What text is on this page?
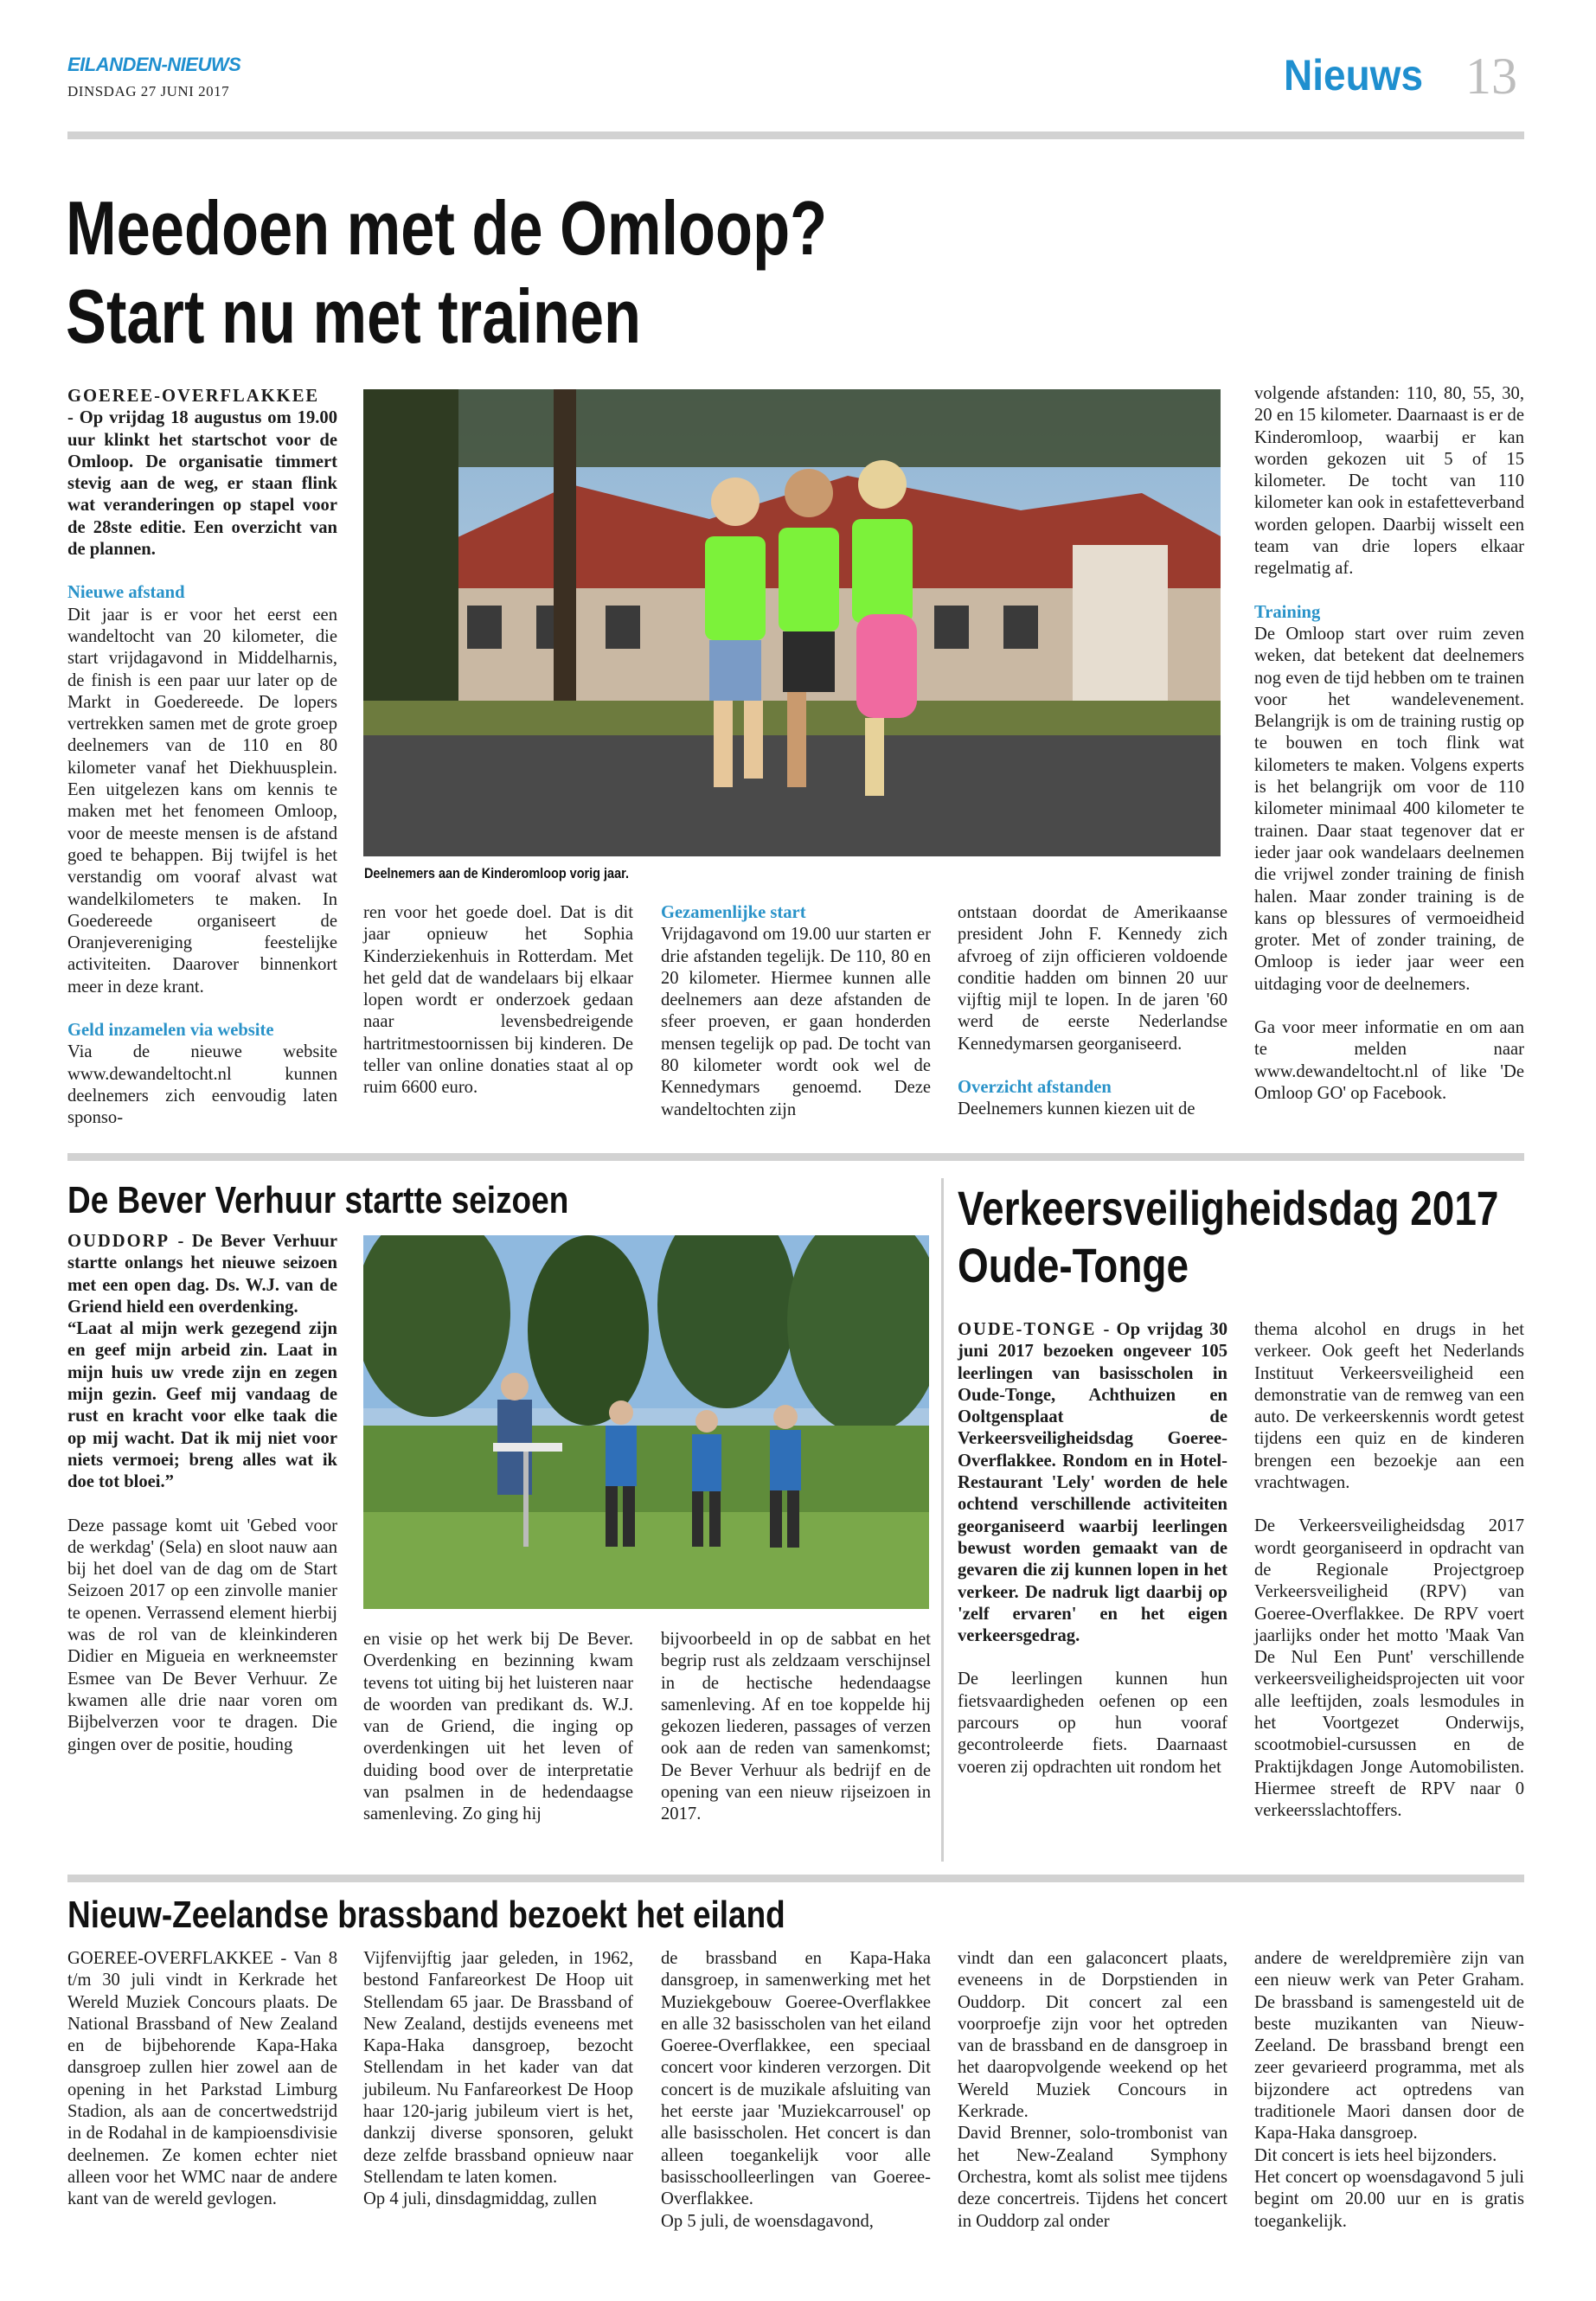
EILANDEN-NIEUWS
DINSDAG 27 JUNI 2017	Nieuws 13
Meedoen met de Omloop?
Start nu met trainen

GOEREE-OVERFLAKKEE

- Op vrijdag 18 augustus om 19.00 uur klinkt het startschot voor de Omloop. De organisatie timmert stevig aan de weg, er staan flink wat veranderingen op stapel voor de 28ste editie. Een overzicht van de plannen.

Nieuwe afstand

Dit jaar is er voor het eerst een wandeltocht van 20 kilometer, die start vrijdagavond in Middelharnis, de finish is een paar uur later op de Markt in Goedereede. De lopers vertrekken samen met de grote groep deelnemers van de 110 en 80 kilometer vanaf het Diekhuusplein. Een uitgelezen kans om kennis te maken met het fenomeen Omloop, voor de meeste mensen is de afstand goed te behappen. Bij twijfel is het verstandig om vooraf alvast wat wandelkilometers te maken. In Goedereede organiseert de Oranjevereniging feestelijke activiteiten. Daarover binnenkort meer in deze krant.

Geld inzamelen via website

Via de nieuwe website www.dewandeltocht.nl kunnen deelnemers zich eenvoudig laten sponso-

Deelnemers aan de Kinderomloop vorig jaar.

ren voor het goede doel. Dat is dit jaar opnieuw het Sophia Kinderziekenhuis in Rotterdam. Met het geld dat de wandelaars bij elkaar lopen wordt er onderzoek gedaan naar levensbedreigende hartritmestoornissen bij kinderen. De teller van online donaties staat al op ruim 6600 euro.

Gezamenlijke start

Vrijdagavond om 19.00 uur starten er drie afstanden tegelijk. De 110, 80 en 20 kilometer. Hiermee kunnen alle deelnemers aan deze afstanden de sfeer proeven, er gaan honderden mensen tegelijk op pad. De tocht van 80 kilometer wordt ook wel de Kennedymars genoemd. Deze wandeltochten zijn

ontstaan doordat de Amerikaanse president John F. Kennedy zich afvroeg of zijn officieren voldoende conditie hadden om binnen 20 uur vijftig mijl te lopen. In de jaren '60 werd de eerste Nederlandse Kennedymarsen georganiseerd.

Overzicht afstanden

Deelnemers kunnen kiezen uit de

volgende afstanden: 110, 80, 55, 30, 20 en 15 kilometer. Daarnaast is er de Kinderomloop, waarbij er kan worden gekozen uit 5 of 15 kilometer. De tocht van 110 kilometer kan ook in estafetteverband worden gelopen. Daarbij wisselt een team van drie lopers elkaar regelmatig af.

Training

De Omloop start over ruim zeven weken, dat betekent dat deelnemers nog even de tijd hebben om te trainen voor het wandelevenement. Belangrijk is om de training rustig op te bouwen en toch flink wat kilometers te maken. Volgens experts is het belangrijk om voor de 110 kilometer minimaal 400 kilometer te trainen. Daar staat tegenover dat er ieder jaar ook wandelaars deelnemen die vrijwel zonder training de finish halen. Maar zonder training is de kans op blessures of vermoeidheid groter. Met of zonder training, de Omloop is ieder jaar weer een uitdaging voor de deelnemers.

Ga voor meer informatie en om aan te melden naar www.dewandeltocht.nl of like 'De Omloop GO' op Facebook.

De Bever Verhuur startte seizoen

OUDDORP - De Bever Verhuur startte onlangs het nieuwe seizoen met een open dag. Ds. W.J. van de Griend hield een overdenking.

“Laat al mijn werk gezegend zijn en geef mijn arbeid zin. Laat in mijn huis uw vrede zijn en zegen mijn gezin. Geef mij vandaag de rust en kracht voor elke taak die op mij wacht. Dat ik mij niet voor niets vermoei; breng alles wat ik doe tot bloei.”

Deze passage komt uit 'Gebed voor de werkdag' (Sela) en sloot nauw aan bij het doel van de dag om de Start Seizoen 2017 op een zinvolle manier te openen. Verrassend element hierbij was de rol van de kleinkinderen Didier en Migueia en werkneemster Esmee van De Bever Verhuur. Ze kwamen alle drie naar voren om Bijbelverzen voor te dragen. Die gingen over de positie, houding

en visie op het werk bij De Bever. Overdenking en bezinning kwam tevens tot uiting bij het luisteren naar de woorden van predikant ds. W.J. van de Griend, die inging op overdenkingen uit het leven of duiding bood over de interpretatie van psalmen in de hedendaagse samenleving. Zo ging hij

bijvoorbeeld in op de sabbat en het begrip rust als zeldzaam verschijnsel in de hectische hedendaagse samenleving. Af en toe koppelde hij gekozen liederen, passages of verzen ook aan de reden van samenkomst; De Bever Verhuur als bedrijf en de opening van een nieuw rijseizoen in 2017.

Verkeersveiligheidsdag 2017
Oude-Tonge

OUDE-TONGE - Op vrijdag 30 juni 2017 bezoeken ongeveer 105 leerlingen van basisscholen in Oude-Tonge, Achthuizen en Ooltgensplaat de Verkeersveiligheidsdag Goeree-Overflakkee. Rondom en in Hotel-Restaurant 'Lely' worden de hele ochtend verschillende activiteiten georganiseerd waarbij leerlingen bewust worden gemaakt van de gevaren die zij kunnen lopen in het verkeer. De nadruk ligt daarbij op 'zelf ervaren' en het eigen verkeersgedrag.

De leerlingen kunnen hun fietsvaardigheden oefenen op een parcours op hun vooraf gecontroleerde fiets. Daarnaast voeren zij opdrachten uit rondom het

thema alcohol en drugs in het verkeer. Ook geeft het Nederlands Instituut Verkeersveiligheid een demonstratie van de remweg van een auto. De verkeerskennis wordt getest tijdens een quiz en de kinderen brengen een bezoekje aan een vrachtwagen.

De Verkeersveiligheidsdag 2017 wordt georganiseerd in opdracht van de Regionale Projectgroep Verkeersveiligheid (RPV) van Goeree-Overflakkee. De RPV voert jaarlijks onder het motto 'Maak Van De Nul Een Punt' verschillende verkeersveiligheidsprojecten uit voor alle leeftijden, zoals lesmodules in het Voortgezet Onderwijs, scootmobiel-cursussen en de Praktijkdagen Jonge Automobilisten. Hiermee streeft de RPV naar 0 verkeersslachtoffers.

Nieuw-Zeelandse brassband bezoekt het eiland

GOEREE-OVERFLAKKEE - Van 8 t/m 30 juli vindt in Kerkrade het Wereld Muziek Concours plaats. De National Brassband of New Zealand en de bijbehorende Kapa-Haka dansgroep zullen hier zowel aan de opening in het Parkstad Limburg Stadion, als aan de concertwedstrijd in de Rodahal in de kampioensdivisie deelnemen. Ze komen echter niet alleen voor het WMC naar de andere kant van de wereld gevlogen.

Vijfenvijftig jaar geleden, in 1962, bestond Fanfareorkest De Hoop uit Stellendam 65 jaar. De Brassband of New Zealand, destijds eveneens met Kapa-Haka dansgroep, bezocht Stellendam in het kader van dat jubileum. Nu Fanfareorkest De Hoop haar 120-jarig jubileum viert is het, dankzij diverse sponsoren, gelukt deze zelfde brassband opnieuw naar Stellendam te laten komen.

Op 4 juli, dinsdagmiddag, zullen

de brassband en Kapa-Haka dansgroep, in samenwerking met het Muziekgebouw Goeree-Overflakkee en alle 32 basisscholen van het eiland Goeree-Overflakkee, een speciaal concert voor kinderen verzorgen. Dit concert is de muzikale afsluiting van het eerste jaar 'Muziekcarrousel' op alle basisscholen. Het concert is dan alleen toegankelijk voor alle basisschoolleerlingen van Goeree-Overflakkee.

Op 5 juli, de woensdagavond,

vindt dan een galaconcert plaats, eveneens in de Dorpstienden in Ouddorp. Dit concert zal een voorproefje zijn voor het optreden van de brassband en de dansgroep in het daaropvolgende weekend op het Wereld Muziek Concours in Kerkrade.

David Brenner, solo-trombonist van het New-Zealand Symphony Orchestra, komt als solist mee tijdens deze concertreis. Tijdens het concert in Ouddorp zal onder

andere de wereldpremière zijn van een nieuw werk van Peter Graham. De brassband is samengesteld uit de beste muzikanten van Nieuw-Zeeland. De brassband brengt een zeer gevarieerd programma, met als bijzondere act optredens van traditionele Maori dansen door de Kapa-Haka dansgroep.

Dit concert is iets heel bijzonders.

Het concert op woensdagavond 5 juli begint om 20.00 uur en is gratis toegankelijk.
